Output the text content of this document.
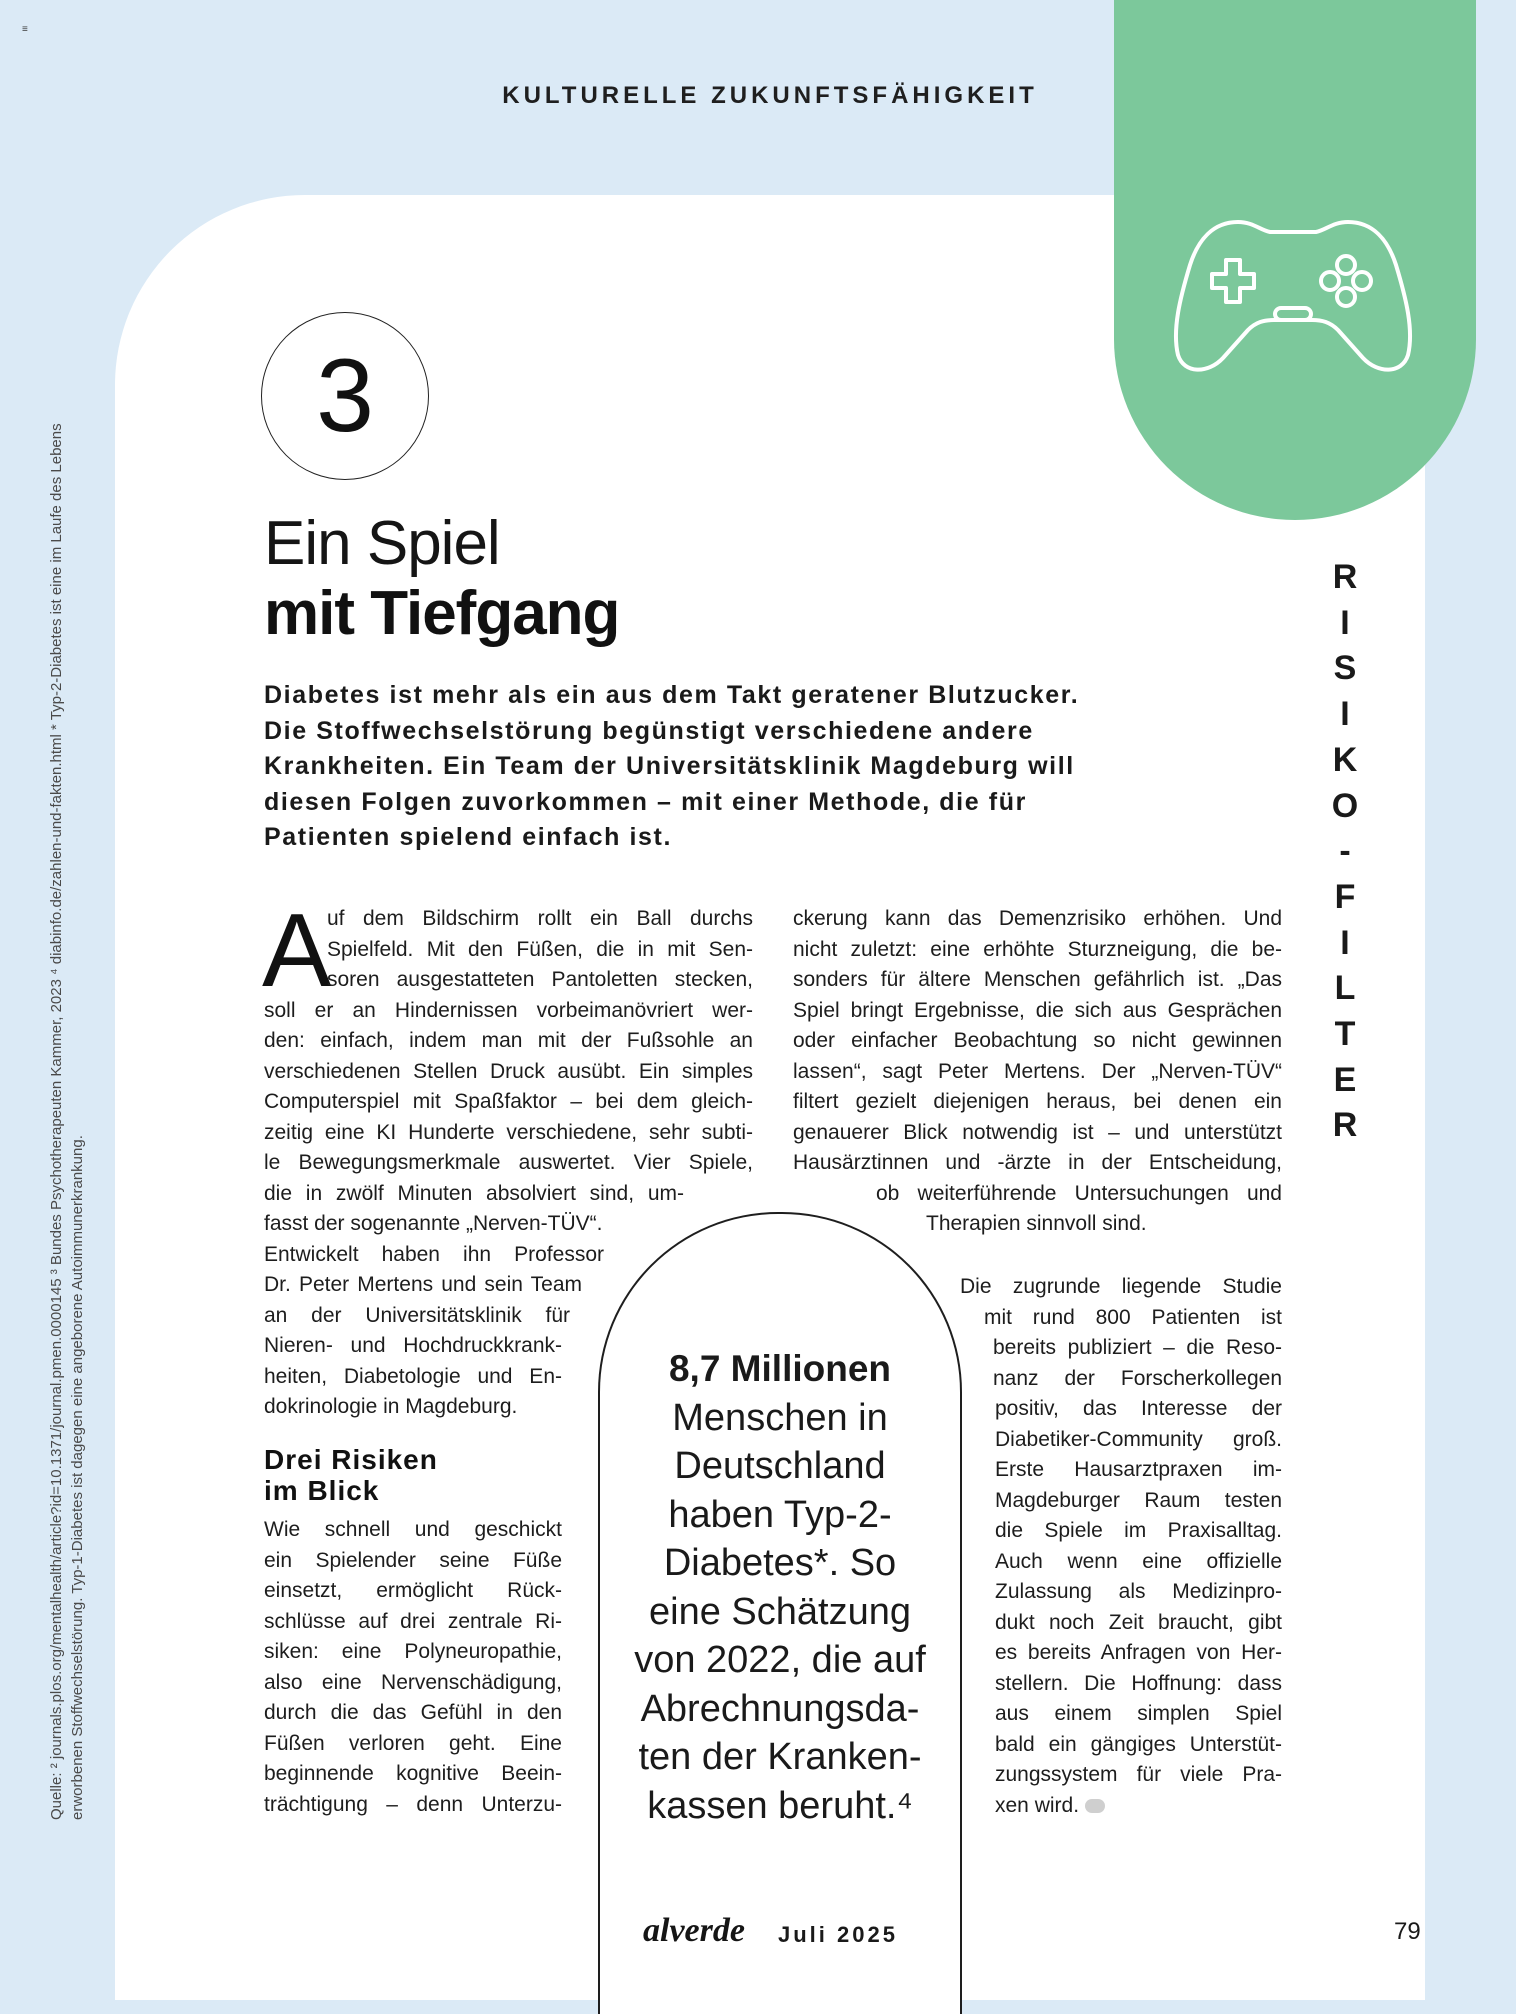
≡
KULTURELLE ZUKUNFTSFÄHIGKEIT
Quelle: ² journals.plos.org/mentalhealth/article?id=10.1371/journal.pmen.0000145 ³ Bundes Psychotherapeuten Kammer, 2023 ⁴ diabinfo.de/zahlen-und-fakten.html * Typ-2-Diabetes ist eine im Laufe des Lebens erworbenen Stoffwechselstörung. Typ-1-Diabetes ist dagegen eine angeborene Autoimmunerkrankung.
3
Ein Spiel
mit Tiefgang
Diabetes ist mehr als ein aus dem Takt geratener Blutzucker.
Die Stoffwechselstörung begünstigt verschiedene andere
Krankheiten. Ein Team der Universitätsklinik Magdeburg will
diesen Folgen zuvorkommen – mit einer Methode, die für
Patienten spielend einfach ist.
A
uf dem Bildschirm rollt ein Ball durchs
Spielfeld. Mit den Füßen, die in mit Sen-
soren ausgestatteten Pantoletten stecken,
soll er an Hindernissen vorbeimanövriert wer-
den: einfach, indem man mit der Fußsohle an
verschiedenen Stellen Druck ausübt. Ein simples
Computerspiel mit Spaßfaktor – bei dem gleich-
zeitig eine KI Hunderte verschiedene, sehr subti-
le Bewegungsmerkmale auswertet. Vier Spiele,
die in zwölf Minuten absolviert sind, um-
fasst der sogenannte „Nerven-TÜV“.
Entwickelt haben ihn Professor
Dr. Peter Mertens und sein Team
an der Universitätsklinik für
Nieren- und Hochdruckkrank-
heiten, Diabetologie und En-
dokrinologie in Magdeburg.
Drei Risiken
im Blick
Wie schnell und geschickt
ein Spielender seine Füße
einsetzt, ermöglicht Rück-
schlüsse auf drei zentrale Ri-
siken: eine Polyneuropathie,
also eine Nervenschädigung,
durch die das Gefühl in den
Füßen verloren geht. Eine
beginnende kognitive Beein-
trächtigung – denn Unterzu-
ckerung kann das Demenzrisiko erhöhen. Und
nicht zuletzt: eine erhöhte Sturzneigung, die be-
sonders für ältere Menschen gefährlich ist. „Das
Spiel bringt Ergebnisse, die sich aus Gesprächen
oder einfacher Beobachtung so nicht gewinnen
lassen“, sagt Peter Mertens. Der „Nerven-TÜV“
filtert gezielt diejenigen heraus, bei denen ein
genauerer Blick notwendig ist – und unterstützt
Hausärztinnen und -ärzte in der Entscheidung,
ob weiterführende Untersuchungen und
Therapien sinnvoll sind.
8,7 Millionen
Menschen in
Deutschland
haben Typ-2-
Diabetes*. So
eine Schätzung
von 2022, die auf
Abrechnungsda-
ten der Kranken-
kassen beruht.⁴
Die zugrunde liegende Studie
mit rund 800 Patienten ist
bereits publiziert – die Reso-
nanz der Forscherkollegen
positiv, das Interesse der
Diabetiker-Community groß.
Erste Hausarztpraxen im-
Magdeburger Raum testen
die Spiele im Praxisalltag.
Auch wenn eine offizielle
Zulassung als Medizinpro-
dukt noch Zeit braucht, gibt
es bereits Anfragen von Her-
stellern. Die Hoffnung: dass
aus einem simplen Spiel
bald ein gängiges Unterstüt-
zungssystem für viele Pra-
xen wird.
R
I
S
I
K
O
-
F
I
L
T
E
R
alverde Juli 2025	79
